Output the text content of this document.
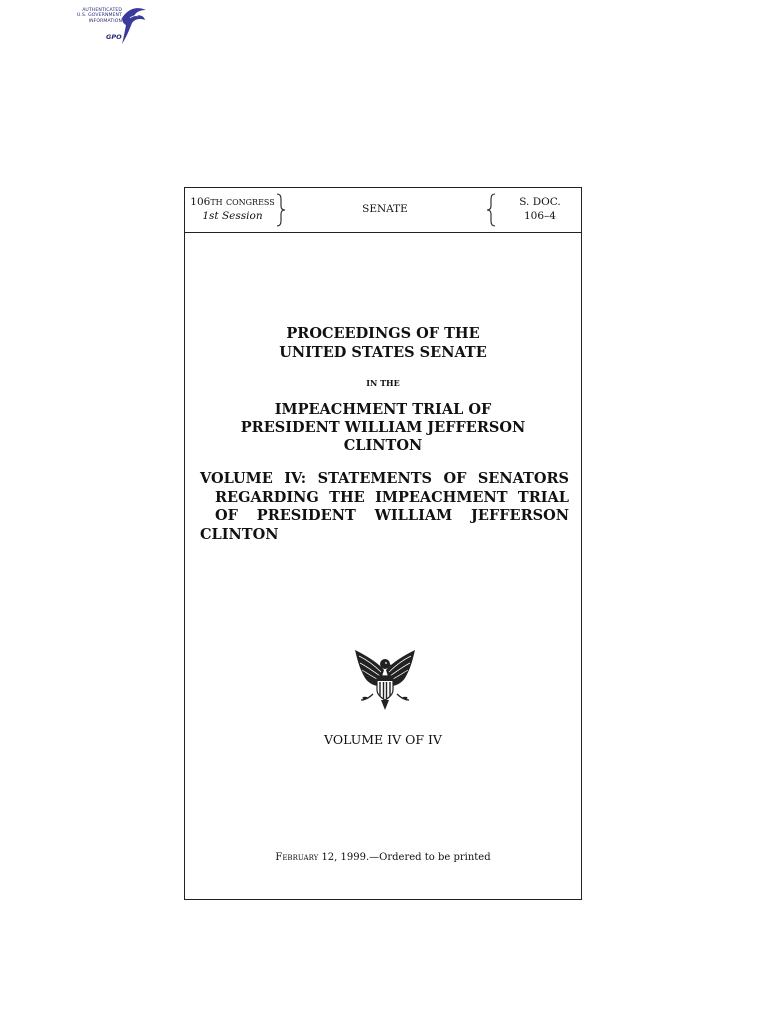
AUTHENTICATED
U.S. GOVERNMENT
INFORMATION
GPO
106TH CONGRESS
1st Session
SENATE
S. DOC.
106–4
PROCEEDINGS OF THE
UNITED STATES SENATE
IN THE
IMPEACHMENT TRIAL OF
PRESIDENT WILLIAM JEFFERSON
CLINTON
VOLUME IV: STATEMENTS OF SENATORS REGARDING THE IMPEACHMENT TRIAL OF PRESIDENT WILLIAM JEFFERSON
CLINTON
VOLUME IV OF IV
February 12, 1999.—Ordered to be printed
